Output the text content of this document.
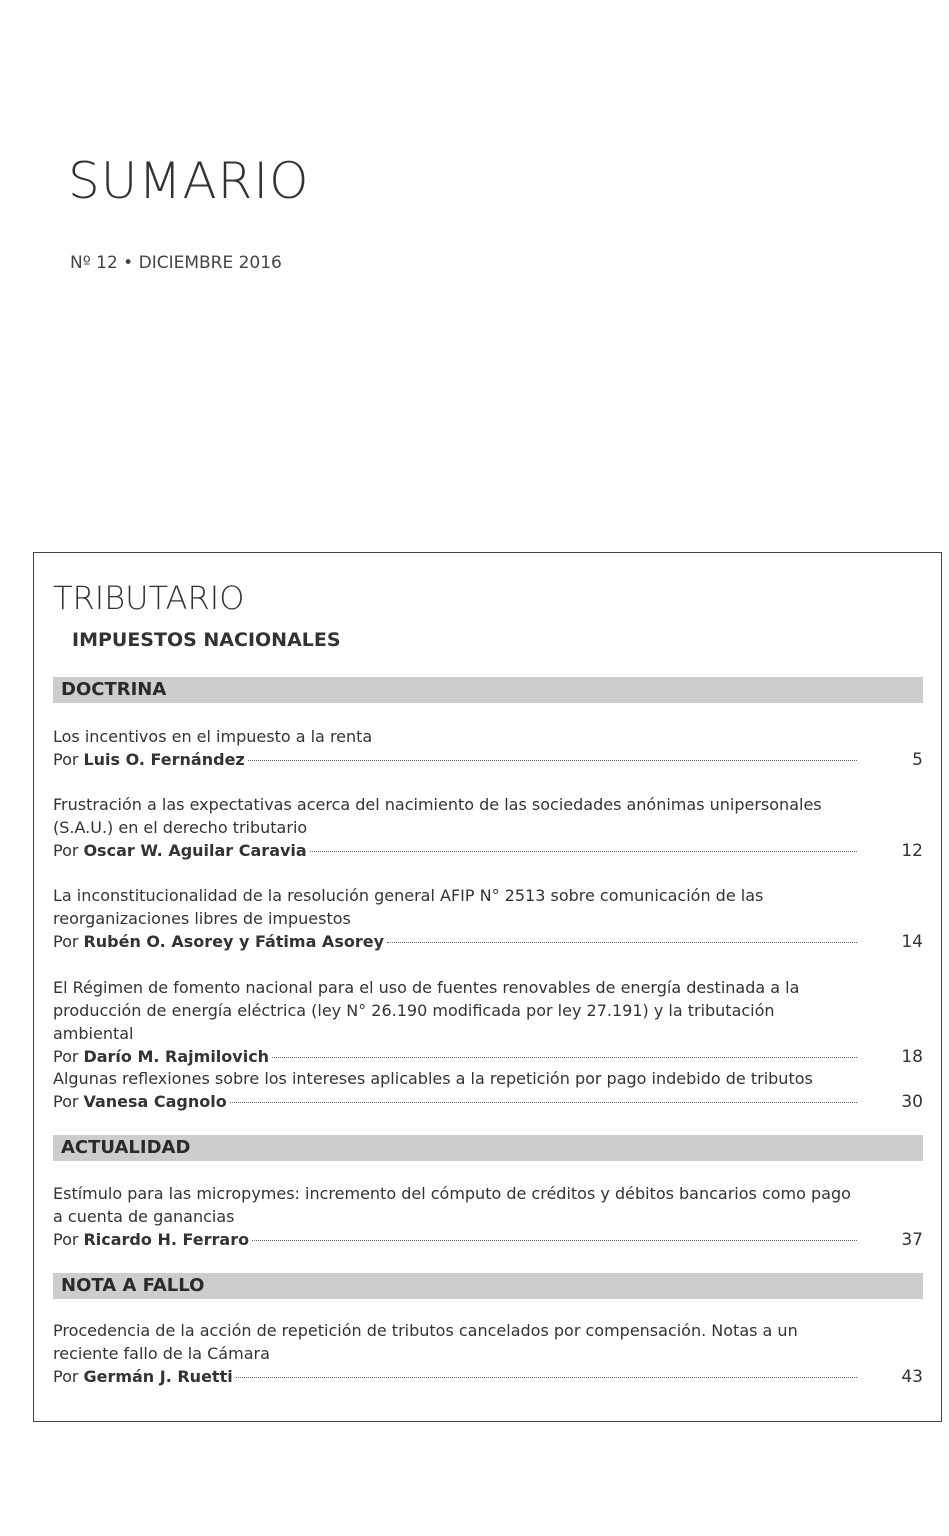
SUMARIO
Nº 12 • DICIEMBRE 2016
TRIBUTARIO
IMPUESTOS NACIONALES
DOCTRINA

Los incentivos en el impuesto a la renta

Por Luis O. Fernández	5

Frustración a las expectativas acerca del nacimiento de las sociedades anónimas unipersonales (S.A.U.) en el derecho tributario

Por Oscar W. Aguilar Caravia	12

La inconstitucionalidad de la resolución general AFIP N° 2513 sobre comunicación de las reorganizaciones libres de impuestos

Por Rubén O. Asorey y Fátima Asorey	14

El Régimen de fomento nacional para el uso de fuentes renovables de energía destinada a la producción de energía eléctrica (ley N° 26.190 modificada por ley 27.191) y la tributación ambiental

Por Darío M. Rajmilovich	18

Algunas reflexiones sobre los intereses aplicables a la repetición por pago indebido de tributos

Por Vanesa Cagnolo	30
ACTUALIDAD

Estímulo para las micropymes: incremento del cómputo de créditos y débitos bancarios como pago a cuenta de ganancias

Por Ricardo H. Ferraro	37
NOTA A FALLO

Procedencia de la acción de repetición de tributos cancelados por compensación. Notas a un reciente fallo de la Cámara

Por Germán J. Ruetti	43
